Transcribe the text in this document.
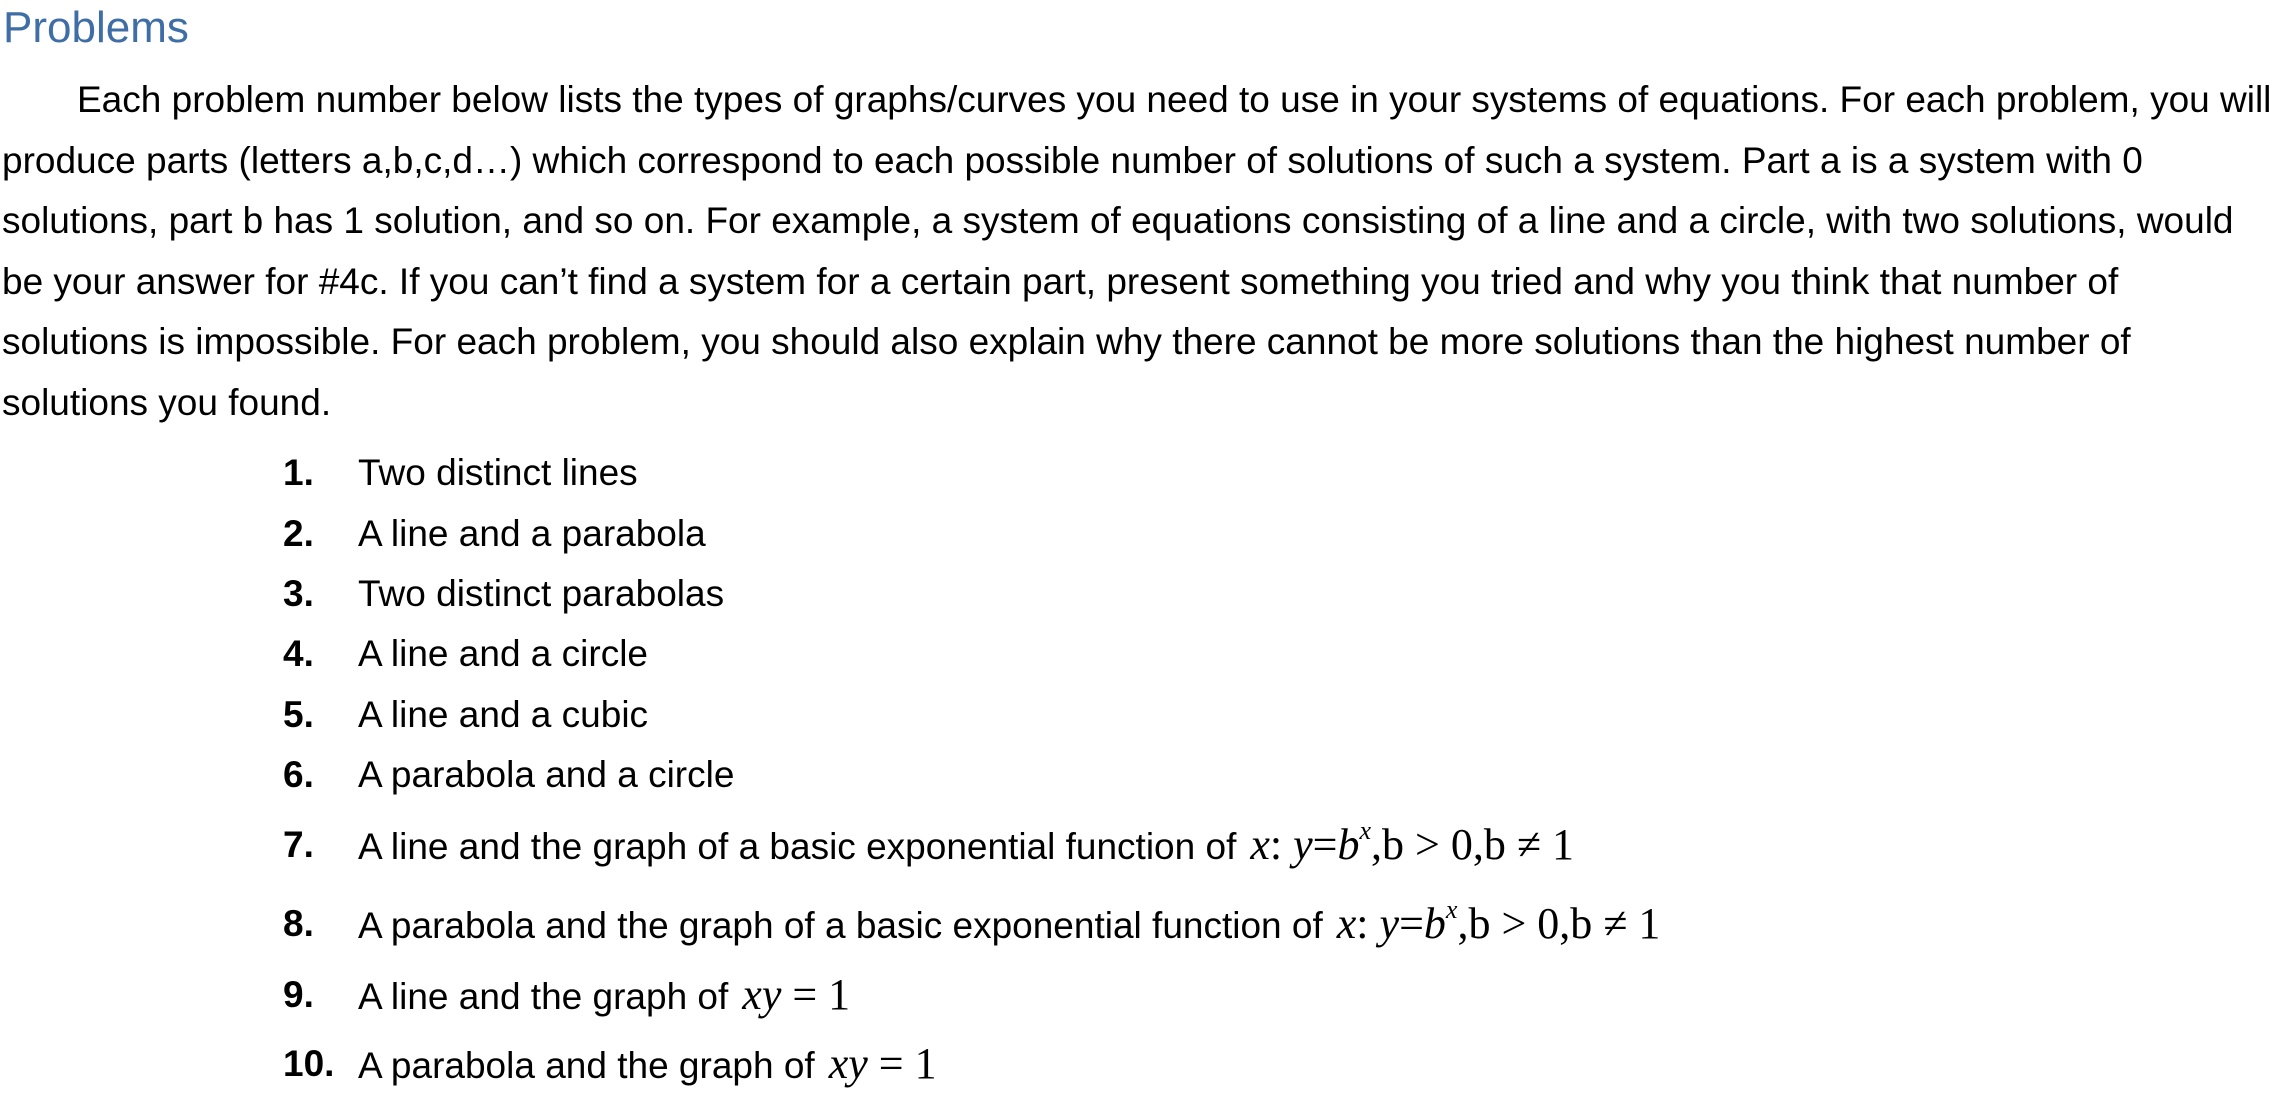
Problems

Each problem number below lists the types of graphs/curves you need to use in your systems of equations. For each problem, you will produce parts (letters a,b,c,d…) which correspond to each possible number of solutions of such a system. Part a is a system with 0 solutions, part b has 1 solution, and so on. For example, a system of equations consisting of a line and a circle, with two solutions, would be your answer for #4c. If you can’t find a system for a certain part, present something you tried and why you think that number of solutions is impossible. For each problem, you should also explain why there cannot be more solutions than the highest number of solutions you found.

1. Two distinct lines
2. A line and a parabola
3. Two distinct parabolas
4. A line and a circle
5. A line and a cubic
6. A parabola and a circle
7. A line and the graph of a basic exponential function of x: $y=b^x,b > 0,b \ne 1$
8. A parabola and the graph of a basic exponential function of x: $y=b^x,b > 0,b \ne 1$
9. A line and the graph of xy = 1
10. A parabola and the graph of xy = 1
